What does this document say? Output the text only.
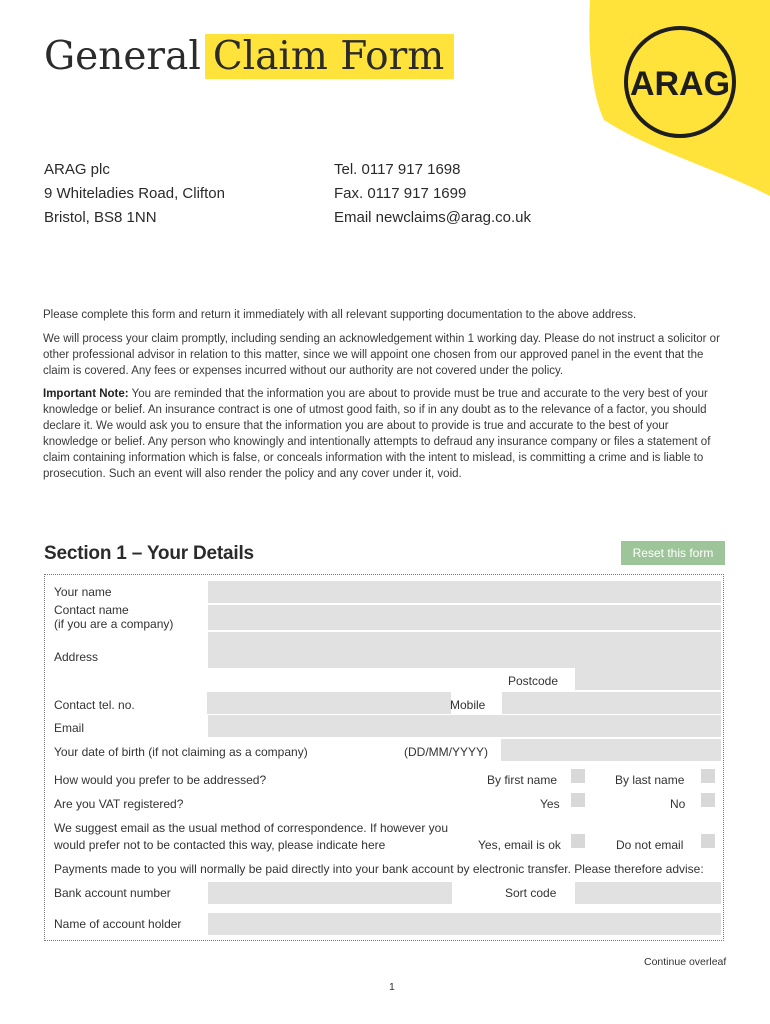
ARAG
General Claim Form
ARAG plc
9 Whiteladies Road, Clifton
Bristol, BS8 1NN
Tel. 0117 917 1698
Fax. 0117 917 1699
Email newclaims@arag.co.uk
Please complete this form and return it immediately with all relevant supporting documentation to the above address.
We will process your claim promptly, including sending an acknowledgement within 1 working day. Please do not instruct a solicitor or other professional advisor in relation to this matter, since we will appoint one chosen from our approved panel in the event that the claim is covered. Any fees or expenses incurred without our authority are not covered under the policy.
Important Note: You are reminded that the information you are about to provide must be true and accurate to the very best of your knowledge or belief. An insurance contract is one of utmost good faith, so if in any doubt as to the relevance of a factor, you should declare it. We would ask you to ensure that the information you are about to provide is true and accurate to the best of your knowledge or belief. Any person who knowingly and intentionally attempts to defraud any insurance company or files a statement of claim containing information which is false, or conceals information with the intent to mislead, is committing a crime and is liable to prosecution. Such an event will also render the policy and any cover under it, void.
Section 1 – Your Details	Reset this form
Your name
Contact name
(if you are a company)
Address
Postcode
Contact tel. no.	Mobile
Email
Your date of birth (if not claiming as a company)	(DD/MM/YYYY)
How would you prefer to be addressed?	By first name	By last name
Are you VAT registered?	Yes	No
We suggest email as the usual method of correspondence. If however you
would prefer not to be contacted this way, please indicate here	Yes, email is ok	Do not email
Payments made to you will normally be paid directly into your bank account by electronic transfer. Please therefore advise:
Bank account number	Sort code
Name of account holder
Continue overleaf
1
